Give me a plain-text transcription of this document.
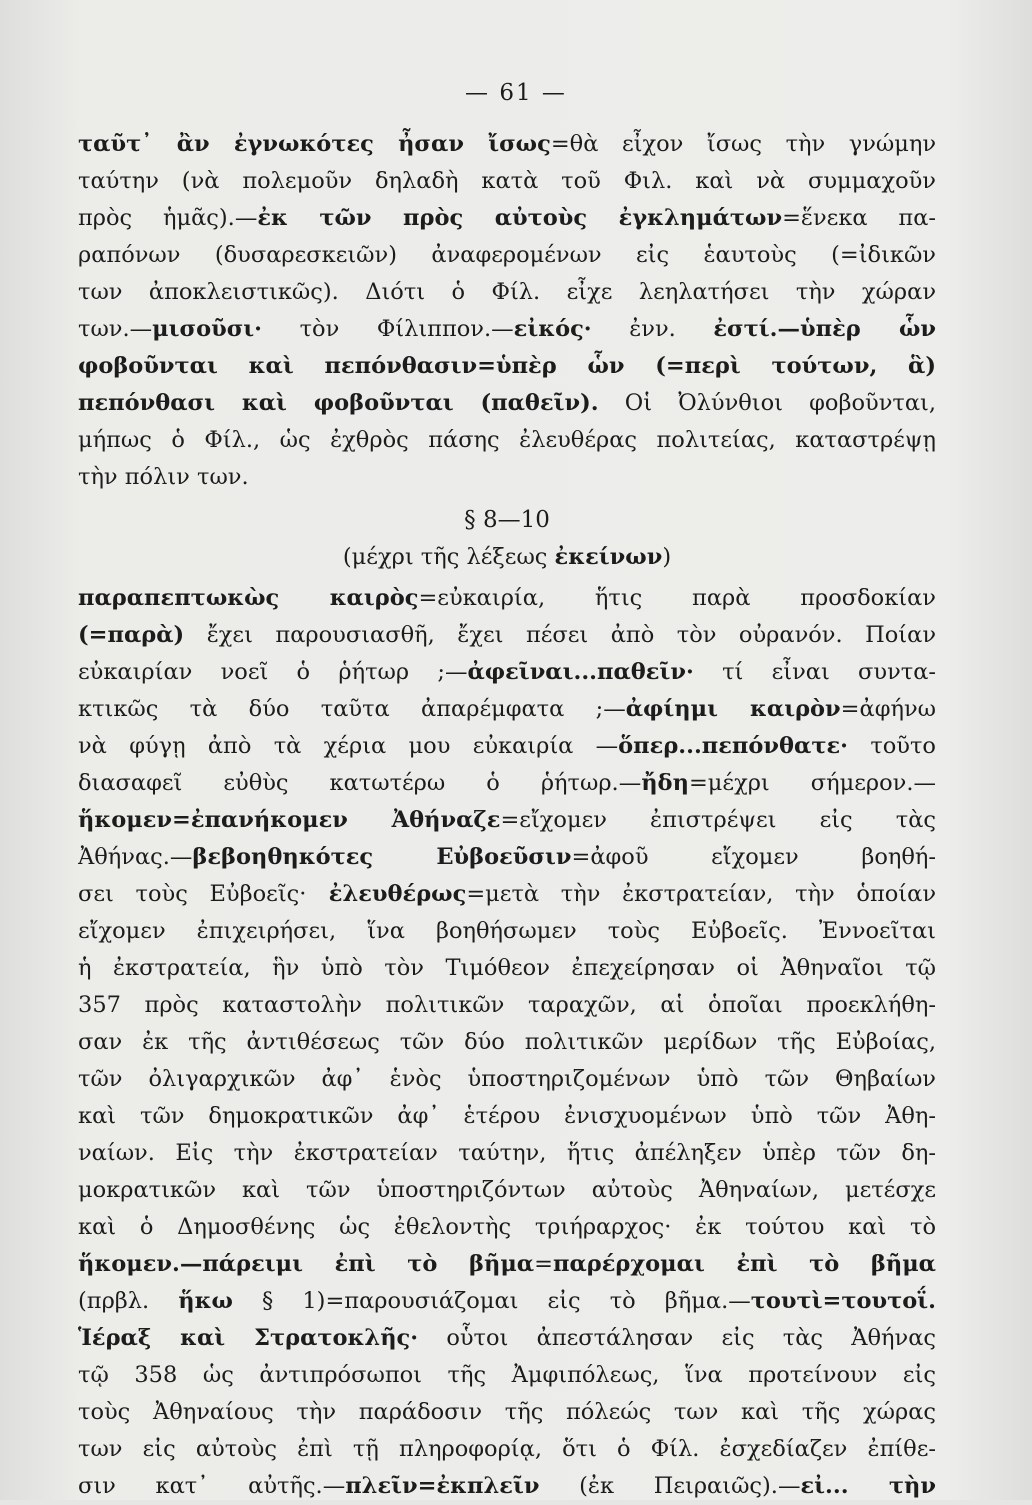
— 61 —
ταῦτ᾽ ἂν ἐγνωκότες ἦσαν ἴσως=θὰ εἶχον ἴσως τὴν γνώμην
ταύτην (νὰ πολεμοῦν δηλαδὴ κατὰ τοῦ Φιλ. καὶ νὰ συμμαχοῦν
πρὸς ἡμᾶς).—ἐκ τῶν πρὸς αὐτοὺς ἐγκλημάτων=ἕνεκα πα-
ραπόνων (δυσαρεσκειῶν) ἀναφερομένων εἰς ἑαυτοὺς (=ἰδικῶν
των ἀποκλειστικῶς). Διότι ὁ Φίλ. εἶχε λεηλατήσει τὴν χώραν
των.—μισοῦσι· τὸν Φίλιππον.—εἰκός· ἐνν. ἐστί.—ὑπὲρ ὧν
φοβοῦνται καὶ πεπόνθασιν=ὑπὲρ ὧν (=περὶ τούτων, ἃ)
πεπόνθασι καὶ φοβοῦνται (παθεῖν). Οἱ Ὀλύνθιοι φοβοῦνται,
μήπως ὁ Φίλ., ὡς ἐχθρὸς πάσης ἐλευθέρας πολιτείας, καταστρέψῃ
τὴν πόλιν των.
§ 8—10
(μέχρι τῆς λέξεως ἐκείνων)
παραπεπτωκὼς καιρὸς=εὐκαιρία, ἥτις παρὰ προσδοκίαν
(=παρὰ) ἔχει παρουσιασθῆ, ἔχει πέσει ἀπὸ τὸν οὐρανόν. Ποίαν
εὐκαιρίαν νοεῖ ὁ ῥήτωρ ;—ἀφεῖναι...παθεῖν· τί εἶναι συντα-
κτικῶς τὰ δύο ταῦτα ἀπαρέμφατα ;—ἀφίημι καιρὸν=ἀφήνω
νὰ φύγῃ ἀπὸ τὰ χέρια μου εὐκαιρία —ὅπερ...πεπόνθατε· τοῦτο
διασαφεῖ εὐθὺς κατωτέρω ὁ ῥήτωρ.—ἤδη=μέχρι σήμερον.—
ἥκομεν=ἐπανήκομεν Ἀθήναζε=εἴχομεν ἐπιστρέψει εἰς τὰς
Ἀθήνας.—βεβοηθηκότες Εὐβοεῦσιν=ἀφοῦ εἴχομεν βοηθή-
σει τοὺς Εὐβοεῖς· ἐλευθέρως=μετὰ τὴν ἐκστρατείαν, τὴν ὁποίαν
εἴχομεν ἐπιχειρήσει, ἵνα βοηθήσωμεν τοὺς Εὐβοεῖς. Ἐννοεῖται
ἡ ἐκστρατεία, ἣν ὑπὸ τὸν Τιμόθεον ἐπεχείρησαν οἱ Ἀθηναῖοι τῷ
357 πρὸς καταστολὴν πολιτικῶν ταραχῶν, αἱ ὁποῖαι προεκλήθη-
σαν ἐκ τῆς ἀντιθέσεως τῶν δύο πολιτικῶν μερίδων τῆς Εὐβοίας,
τῶν ὀλιγαρχικῶν ἀφ᾽ ἑνὸς ὑποστηριζομένων ὑπὸ τῶν Θηβαίων
καὶ τῶν δημοκρατικῶν ἀφ᾽ ἑτέρου ἐνισχυομένων ὑπὸ τῶν Ἀθη-
ναίων. Εἰς τὴν ἐκστρατείαν ταύτην, ἥτις ἀπέληξεν ὑπὲρ τῶν δη-
μοκρατικῶν καὶ τῶν ὑποστηριζόντων αὐτοὺς Ἀθηναίων, μετέσχε
καὶ ὁ Δημοσθένης ὡς ἐθελοντὴς τριήραρχος· ἐκ τούτου καὶ τὸ
ἥκομεν.—πάρειμι ἐπὶ τὸ βῆμα=παρέρχομαι ἐπὶ τὸ βῆμα
(πρβλ. ἥκω § 1)=παρουσιάζομαι εἰς τὸ βῆμα.—τουτὶ=τουτοΐ.
Ἱέραξ καὶ Στρατοκλῆς· οὗτοι ἀπεστάλησαν εἰς τὰς Ἀθήνας
τῷ 358 ὡς ἀντιπρόσωποι τῆς Ἀμφιπόλεως, ἵνα προτείνουν εἰς
τοὺς Ἀθηναίους τὴν παράδοσιν τῆς πόλεώς των καὶ τῆς χώρας
των εἰς αὐτοὺς ἐπὶ τῇ πληροφορίᾳ, ὅτι ὁ Φίλ. ἐσχεδίαζεν ἐπίθε-
σιν κατ᾽ αὐτῆς.—πλεῖν=ἐκπλεῖν (ἐκ Πειραιῶς).—εἰ... τὴν
